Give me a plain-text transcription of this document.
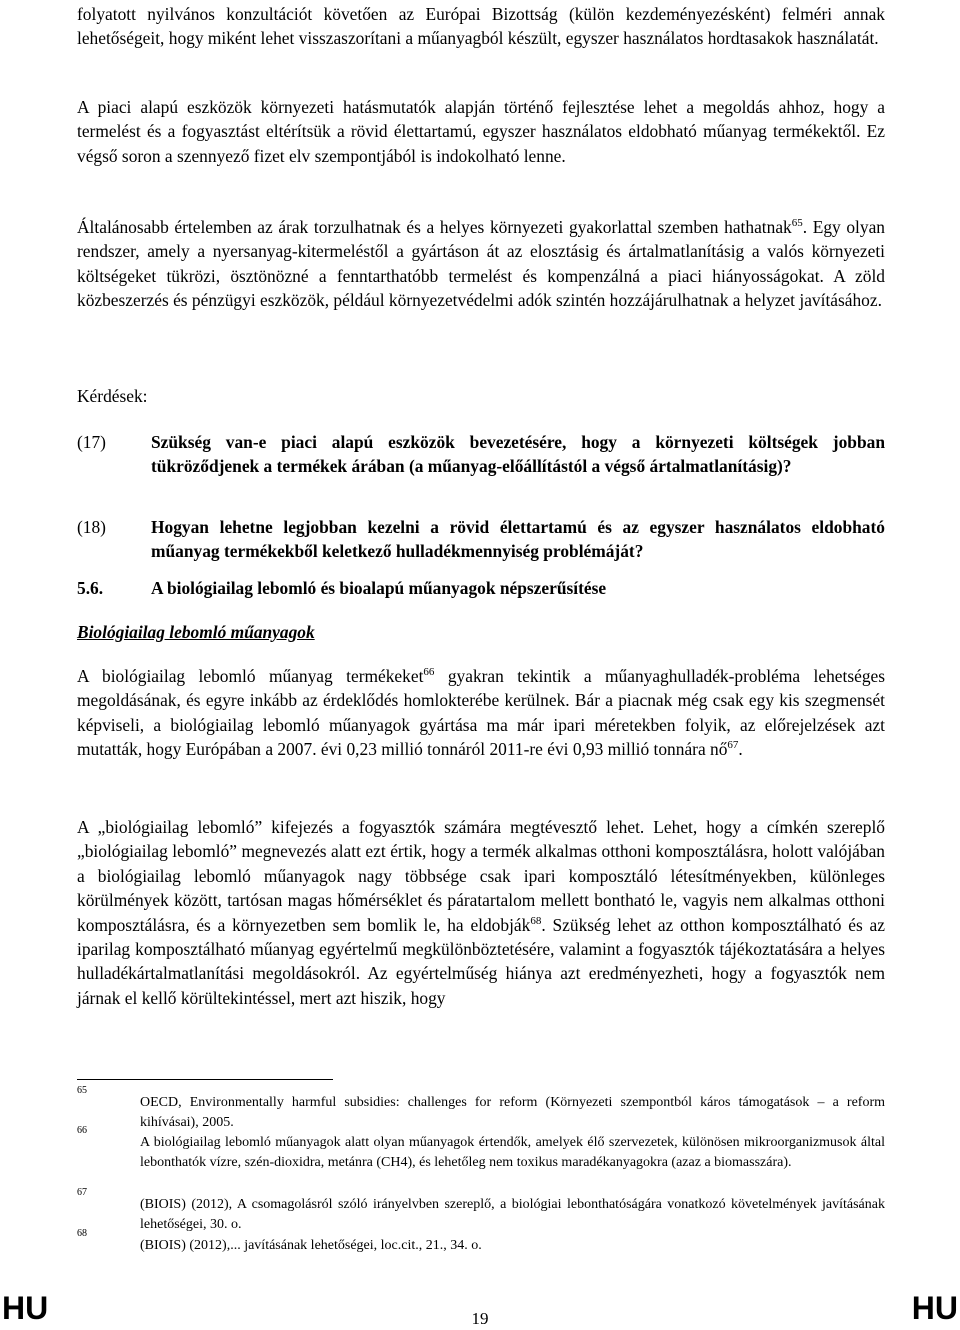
folyatott nyilvános konzultációt követően az Európai Bizottság (külön kezdeményezésként) felméri annak lehetőségeit, hogy miként lehet visszaszorítani a műanyagból készült, egyszer használatos hordtasakok használatát.

A piaci alapú eszközök környezeti hatásmutatók alapján történő fejlesztése lehet a megoldás ahhoz, hogy a termelést és a fogyasztást eltérítsük a rövid élettartamú, egyszer használatos eldobható műanyag termékektől. Ez végső soron a szennyező fizet elv szempontjából is indokolható lenne.

Általánosabb értelemben az árak torzulhatnak és a helyes környezeti gyakorlattal szemben hathatnak$^{65}$. Egy olyan rendszer, amely a nyersanyag-kitermeléstől a gyártáson át az elosztásig és ártalmatlanításig a valós környezeti költségeket tükrözi, ösztönözné a fenntarthatóbb termelést és kompenzálná a piaci hiányosságokat. A zöld közbeszerzés és pénzügyi eszközök, például környezetvédelmi adók szintén hozzájárulhatnak a helyzet javításához.

Kérdések:

(17)	Szükség van-e piaci alapú eszközök bevezetésére, hogy a környezeti költségek jobban tükröződjenek a termékek árában (a műanyag-előállítástól a végső ártalmatlanításig)?
(18)	Hogyan lehetne legjobban kezelni a rövid élettartamú és az egyszer használatos eldobható műanyag termékekből keletkező hulladékmennyiség problémáját?
5.6.	A biológiailag lebomló és bioalapú műanyagok népszerűsítése
Biológiailag lebomló műanyagok

A biológiailag lebomló műanyag termékeket$^{66}$ gyakran tekintik a műanyaghulladék-probléma lehetséges megoldásának, és egyre inkább az érdeklődés homlokterébe kerülnek. Bár a piacnak még csak egy kis szegmensét képviseli, a biológiailag lebomló műanyagok gyártása ma már ipari méretekben folyik, az előrejelzések azt mutatták, hogy Európában a 2007. évi 0,23 millió tonnáról 2011-re évi 0,93 millió tonnára $nő^{67}$.

A „biológiailag lebomló” kifejezés a fogyasztók számára megtévesztő lehet. Lehet, hogy a címkén szereplő „biológiailag lebomló” megnevezés alatt ezt értik, hogy a termék alkalmas otthoni komposztálásra, holott valójában a biológiailag lebomló műanyagok nagy többsége csak ipari komposztáló létesítményekben, különleges körülmények között, tartósan magas hőmérséklet és páratartalom mellett bontható le, vagyis nem alkalmas otthoni komposztálásra, és a környezetben sem bomlik le, ha eldobják$^{68}$. Szükség lehet az otthon komposztálható és az iparilag komposztálható műanyag egyértelmű megkülönböztetésére, valamint a fogyasztók tájékoztatására a helyes hulladékártalmatlanítási megoldásokról. Az egyértelműség hiánya azt eredményezheti, hogy a fogyasztók nem járnak el kellő körültekintéssel, mert azt hiszik, hogy

65
OECD, Environmentally harmful subsidies: challenges for reform (Környezeti szempontból káros támogatások – a reform kihívásai), 2005.
66
A biológiailag lebomló műanyagok alatt olyan műanyagok értendők, amelyek élő szervezetek, különösen mikroorganizmusok által lebonthatók vízre, szén-dioxidra, metánra (CH4), és lehetőleg nem toxikus maradékanyagokra (azaz a biomasszára).
67
(BIOIS) (2012), A csomagolásról szóló irányelvben szereplő, a biológiai lebonthatóságára vonatkozó követelmények javításának lehetőségei, 30. o.
68
(BIOIS) (2012),... javításának lehetőségei, loc.cit., 21., 34. o.
HU	19	HU
